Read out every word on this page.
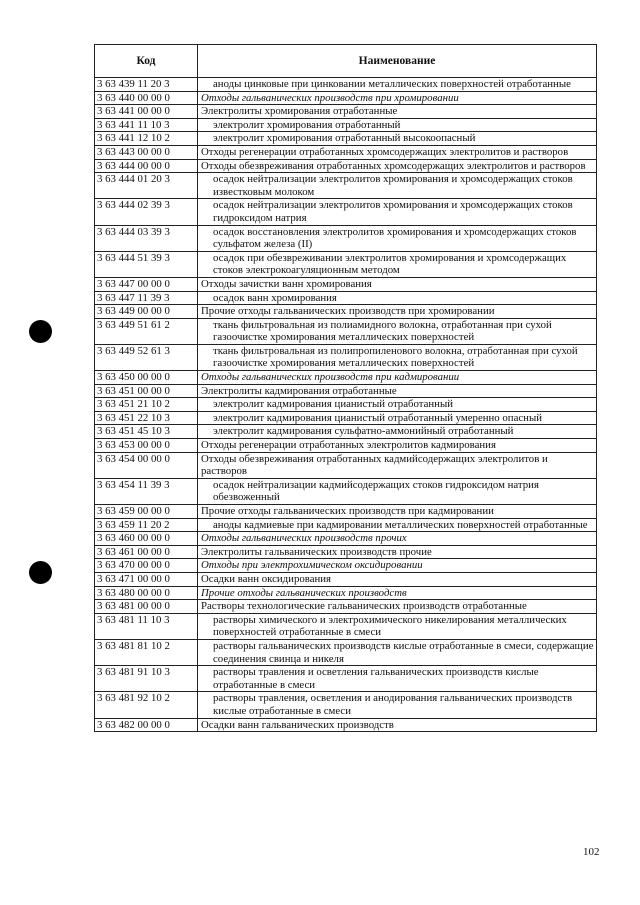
Код	Наименование
3 63 439 11 20 3	аноды цинковые при цинковании металлических поверхностей отработанные
3 63 440 00 00 0	Отходы гальванических производств при хромировании
3 63 441 00 00 0	Электролиты хромирования отработанные
3 63 441 11 10 3	электролит хромирования отработанный
3 63 441 12 10 2	электролит хромирования отработанный высокоопасный
3 63 443 00 00 0	Отходы регенерации отработанных хромсодержащих электролитов и растворов
3 63 444 00 00 0	Отходы обезвреживания отработанных хромсодержащих электролитов и растворов
3 63 444 01 20 3	осадок нейтрализации электролитов хромирования и хромсодержащих стоков известковым молоком
3 63 444 02 39 3	осадок нейтрализации электролитов хромирования и хромсодержащих стоков гидроксидом натрия
3 63 444 03 39 3	осадок восстановления электролитов хромирования и хромсодержащих стоков сульфатом железа (II)
3 63 444 51 39 3	осадок при обезвреживании электролитов хромирования и хромсодержащих стоков электрокоагуляционным методом
3 63 447 00 00 0	Отходы зачистки ванн хромирования
3 63 447 11 39 3	осадок ванн хромирования
3 63 449 00 00 0	Прочие отходы гальванических производств при хромировании
3 63 449 51 61 2	ткань фильтровальная из полиамидного волокна, отработанная при сухой газоочистке хромирования металлических поверхностей
3 63 449 52 61 3	ткань фильтровальная из полипропиленового волокна, отработанная при сухой газоочистке хромирования металлических поверхностей
3 63 450 00 00 0	Отходы гальванических производств при кадмировании
3 63 451 00 00 0	Электролиты кадмирования отработанные
3 63 451 21 10 2	электролит кадмирования цианистый отработанный
3 63 451 22 10 3	электролит кадмирования цианистый отработанный умеренно опасный
3 63 451 45 10 3	электролит кадмирования сульфатно-аммонийный отработанный
3 63 453 00 00 0	Отходы регенерации отработанных электролитов кадмирования
3 63 454 00 00 0	Отходы обезвреживания отработанных кадмийсодержащих электролитов и растворов
3 63 454 11 39 3	осадок нейтрализации кадмийсодержащих стоков гидроксидом натрия обезвоженный
3 63 459 00 00 0	Прочие отходы гальванических производств при кадмировании
3 63 459 11 20 2	аноды кадмиевые при кадмировании металлических поверхностей отработанные
3 63 460 00 00 0	Отходы гальванических производств прочих
3 63 461 00 00 0	Электролиты гальванических производств прочие
3 63 470 00 00 0	Отходы при электрохимическом оксидировании
3 63 471 00 00 0	Осадки ванн оксидирования
3 63 480 00 00 0	Прочие отходы гальванических производств
3 63 481 00 00 0	Растворы технологические гальванических производств отработанные
3 63 481 11 10 3	растворы химического и электрохимического никелирования металлических поверхностей отработанные в смеси
3 63 481 81 10 2	растворы гальванических производств кислые отработанные в смеси, содержащие соединения свинца и никеля
3 63 481 91 10 3	растворы травления и осветления гальванических производств кислые отработанные в смеси
3 63 481 92 10 2	растворы травления, осветления и анодирования гальванических производств кислые отработанные в смеси
3 63 482 00 00 0	Осадки ванн гальванических производств
102
